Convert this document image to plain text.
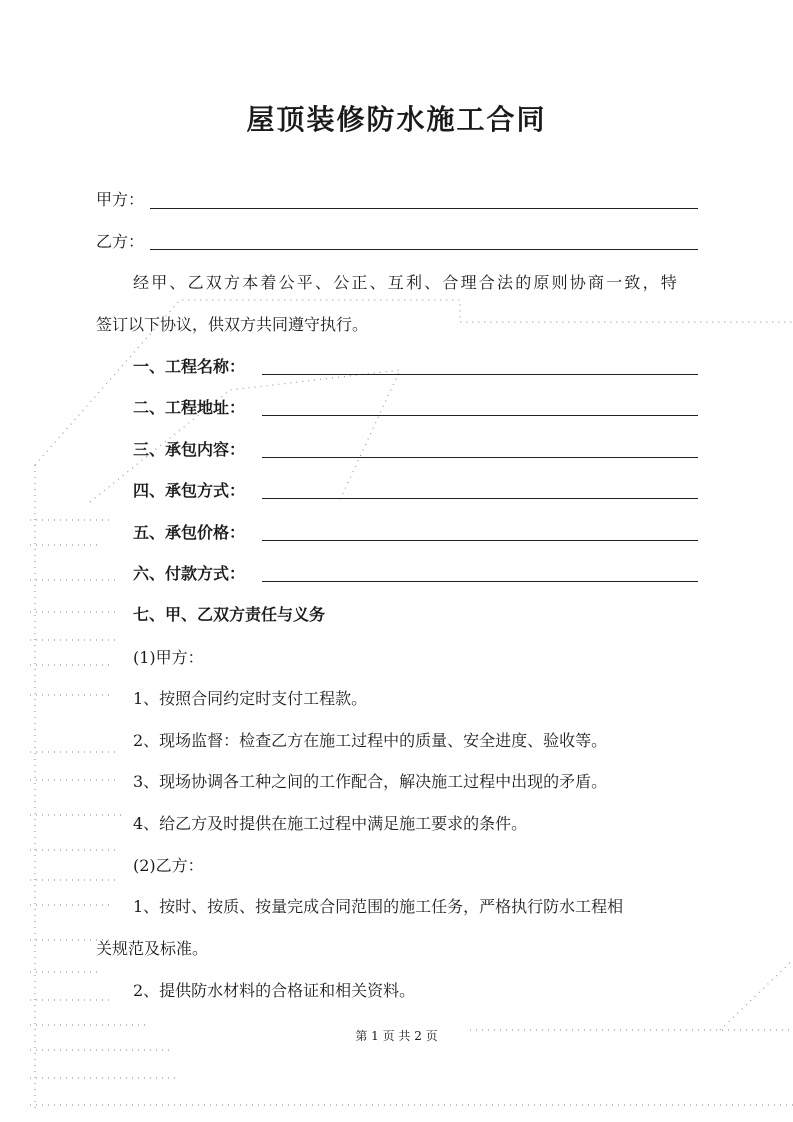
屋顶装修防水施工合同
甲方：
乙方：
经甲、乙双方本着公平、公正、互利、合理合法的原则协商一致，特
签订以下协议，供双方共同遵守执行。
一、工程名称：
二、工程地址：
三、承包内容：
四、承包方式：
五、承包价格：
六、付款方式：
七、甲、乙双方责任与义务
(1)甲方：
1、按照合同约定时支付工程款。
2、现场监督：检查乙方在施工过程中的质量、安全进度、验收等。
3、现场协调各工种之间的工作配合，解决施工过程中出现的矛盾。
4、给乙方及时提供在施工过程中满足施工要求的条件。
(2)乙方：
1、按时、按质、按量完成合同范围的施工任务，严格执行防水工程相
关规范及标准。
2、提供防水材料的合格证和相关资料。
第 1 页 共 2 页
